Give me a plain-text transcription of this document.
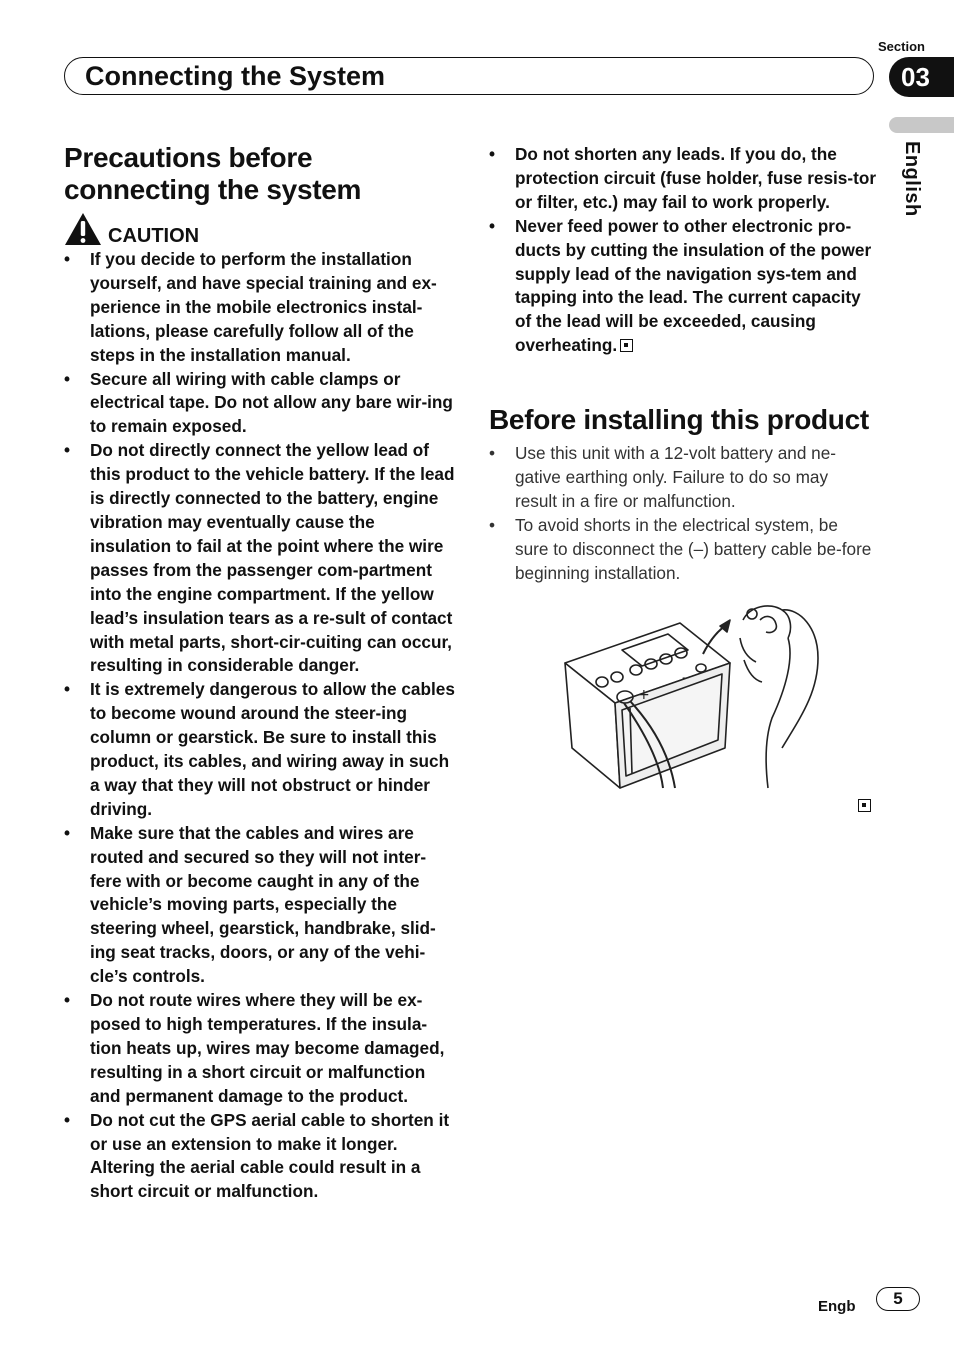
Section
03
Connecting the System
English
Precautions before
connecting the system
CAUTION
• If you decide to perform the installation yourself, and have special training and ex-perience in the mobile electronics instal-lations, please carefully follow all of the steps in the installation manual.
• Secure all wiring with cable clamps or electrical tape. Do not allow any bare wir-ing to remain exposed.
• Do not directly connect the yellow lead of this product to the vehicle battery. If the lead is directly connected to the battery, engine vibration may eventually cause the insulation to fail at the point where the wire passes from the passenger com-partment into the engine compartment. If the yellow lead’s insulation tears as a re-sult of contact with metal parts, short-cir-cuiting can occur, resulting in considerable danger.
• It is extremely dangerous to allow the cables to become wound around the steer-ing column or gearstick. Be sure to install this product, its cables, and wiring away in such a way that they will not obstruct or hinder driving.
• Make sure that the cables and wires are routed and secured so they will not inter-fere with or become caught in any of the vehicle’s moving parts, especially the steering wheel, gearstick, handbrake, slid-ing seat tracks, doors, or any of the vehi-cle’s controls.
• Do not route wires where they will be ex-posed to high temperatures. If the insula-tion heats up, wires may become damaged, resulting in a short circuit or malfunction and permanent damage to the product.
• Do not cut the GPS aerial cable to shorten it or use an extension to make it longer. Altering the aerial cable could result in a short circuit or malfunction.
• Do not shorten any leads. If you do, the protection circuit (fuse holder, fuse resis-tor or filter, etc.) may fail to work properly.
• Never feed power to other electronic pro-ducts by cutting the insulation of the power supply lead of the navigation sys-tem and tapping into the lead. The current capacity of the lead will be exceeded, causing overheating.
Before installing this product
• Use this unit with a 12-volt battery and ne-gative earthing only. Failure to do so may result in a fire or malfunction.
• To avoid shorts in the electrical system, be sure to disconnect the (–) battery cable be-fore beginning installation.
+
–
Engb	5
